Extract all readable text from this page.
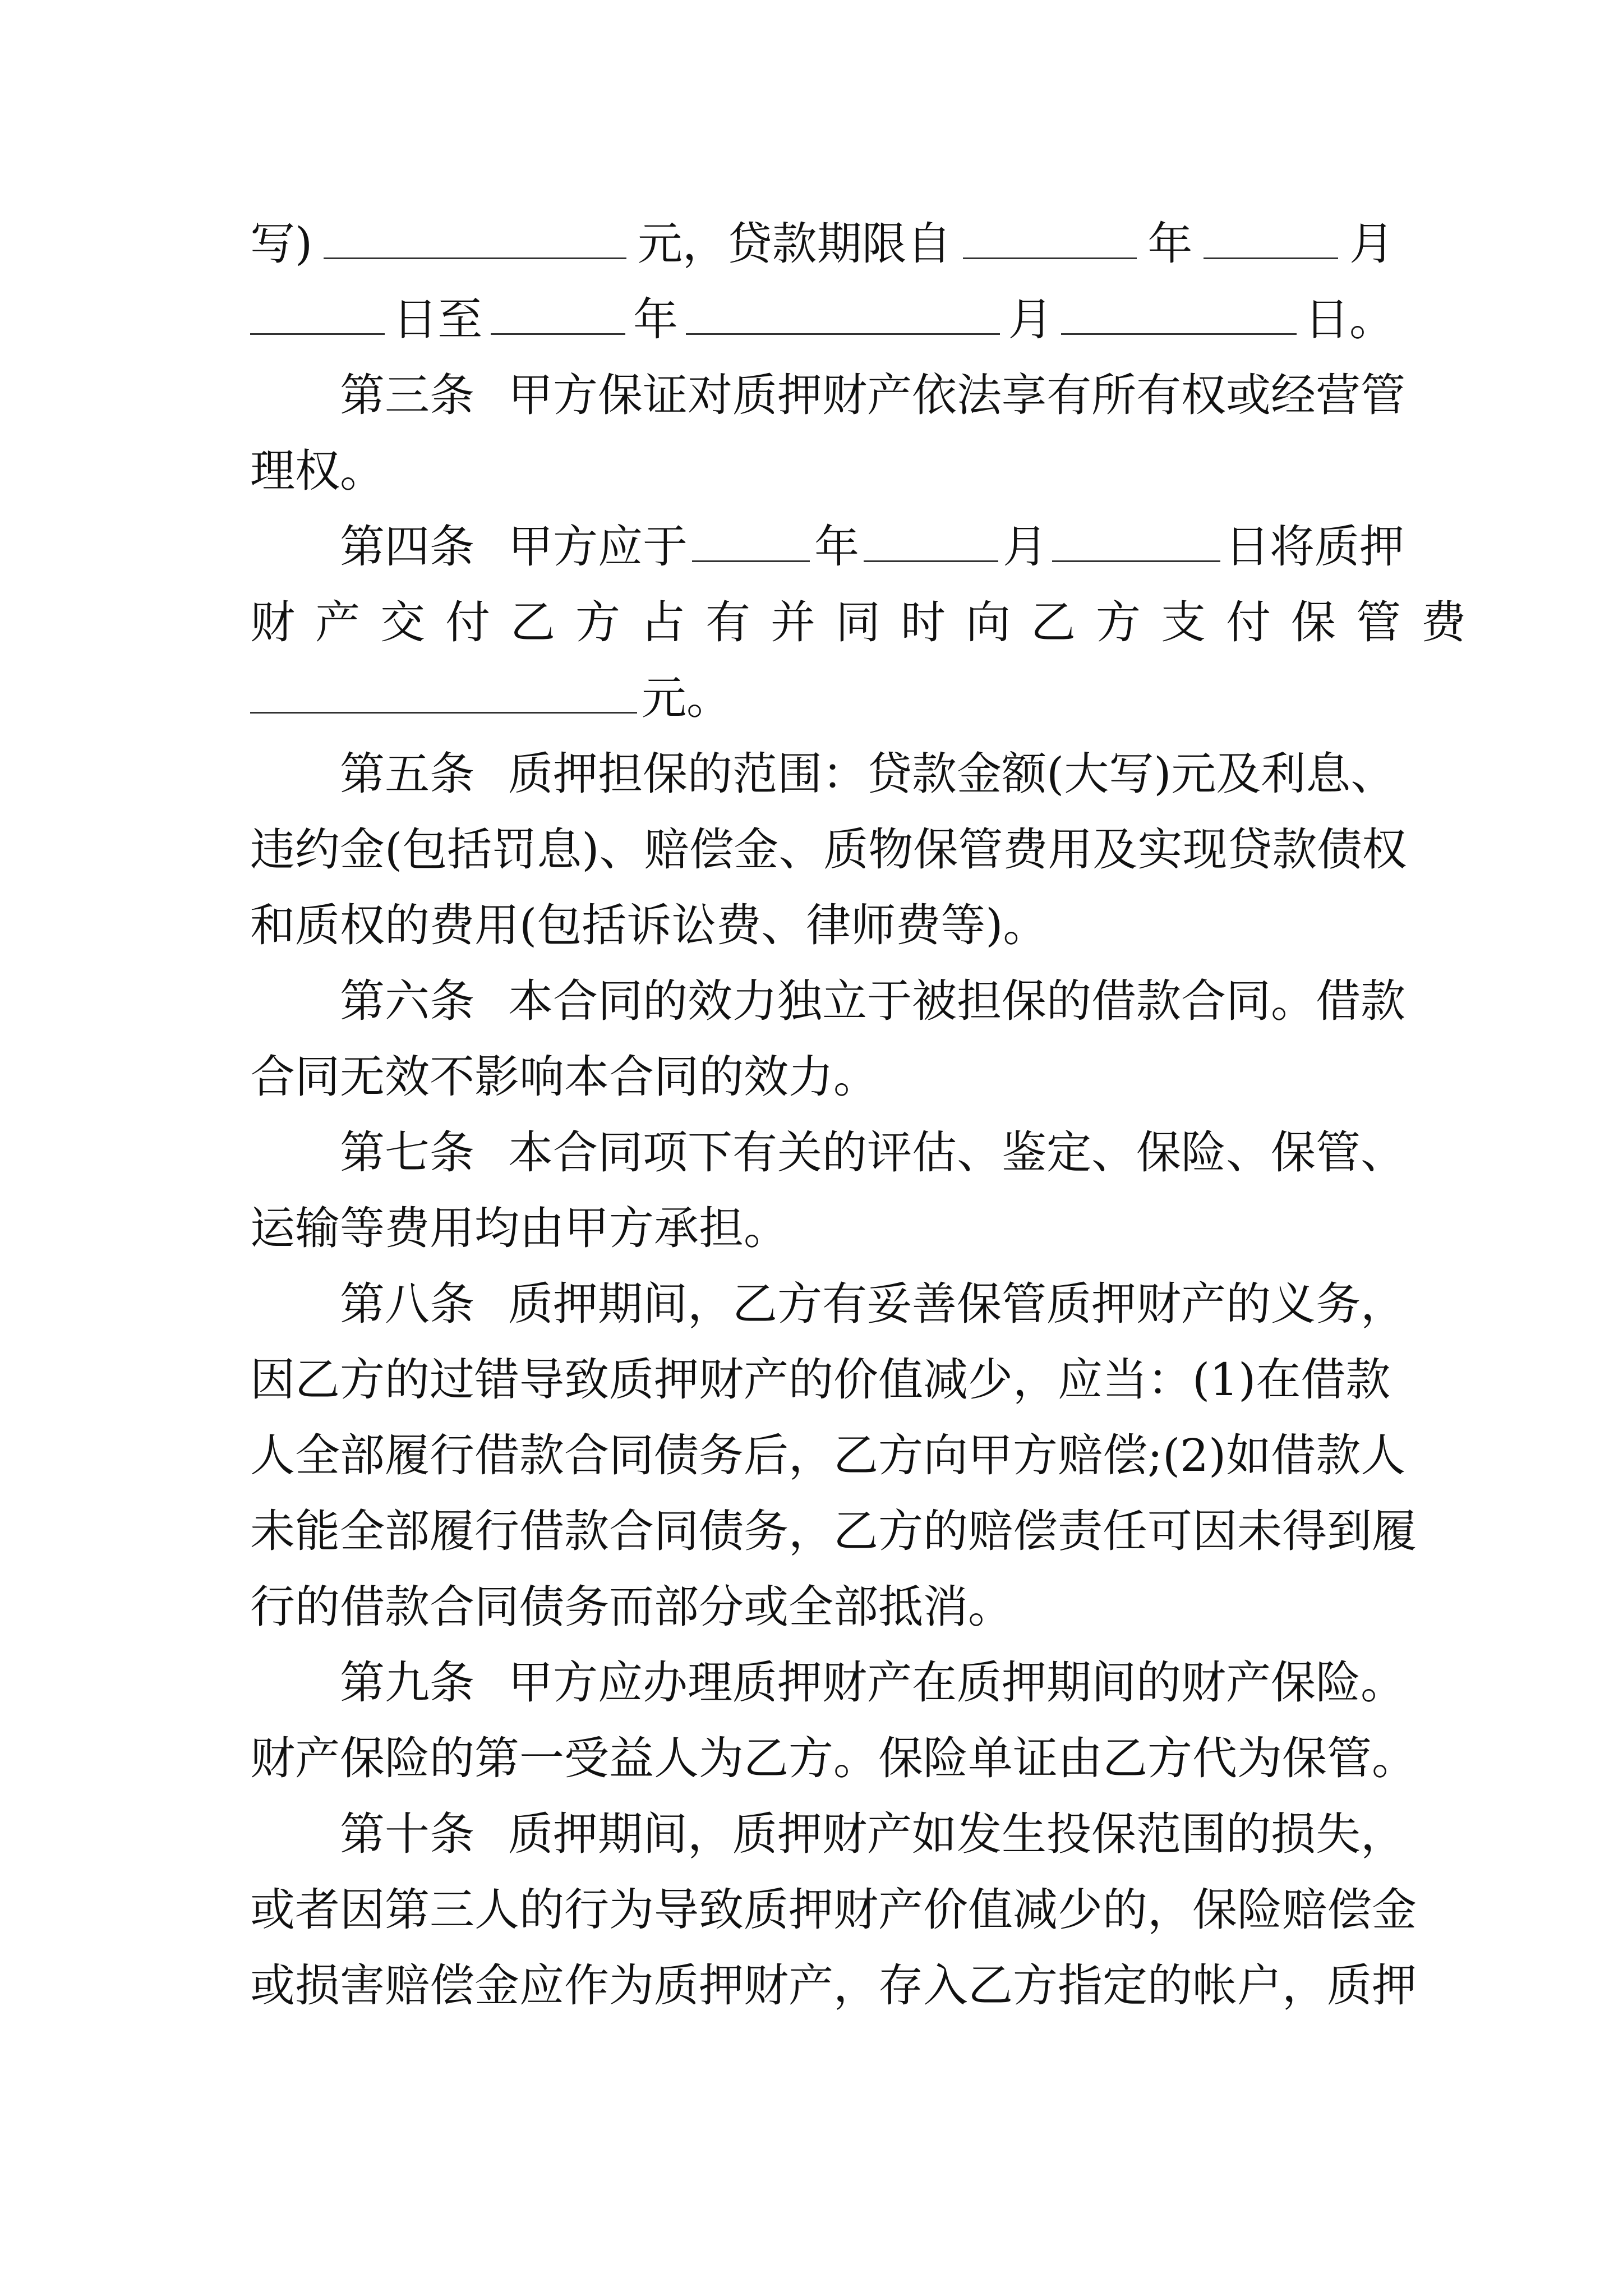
写)	元，贷款期限自	年	月
日至	年	月	日。
第三条 甲方保证对质押财产依法享有所有权或经营管
理权。
第四条 甲方应于	年	月	日将质押
财产交付乙方占有并同时向乙方支付保管费
元。
第五条 质押担保的范围：贷款金额(大写)元及利息、
违约金(包括罚息)、赔偿金、质物保管费用及实现贷款债权
和质权的费用(包括诉讼费、律师费等)。
第六条 本合同的效力独立于被担保的借款合同。借款
合同无效不影响本合同的效力。
第七条 本合同项下有关的评估、鉴定、保险、保管、
运输等费用均由甲方承担。
第八条 质押期间，乙方有妥善保管质押财产的义务，
因乙方的过错导致质押财产的价值减少，应当：(1)在借款
人全部履行借款合同债务后，乙方向甲方赔偿;(2)如借款人
未能全部履行借款合同债务，乙方的赔偿责任可因未得到履
行的借款合同债务而部分或全部抵消。
第九条 甲方应办理质押财产在质押期间的财产保险。
财产保险的第一受益人为乙方。保险单证由乙方代为保管。
第十条 质押期间，质押财产如发生投保范围的损失，
或者因第三人的行为导致质押财产价值减少的，保险赔偿金
或损害赔偿金应作为质押财产，存入乙方指定的帐户，质押
